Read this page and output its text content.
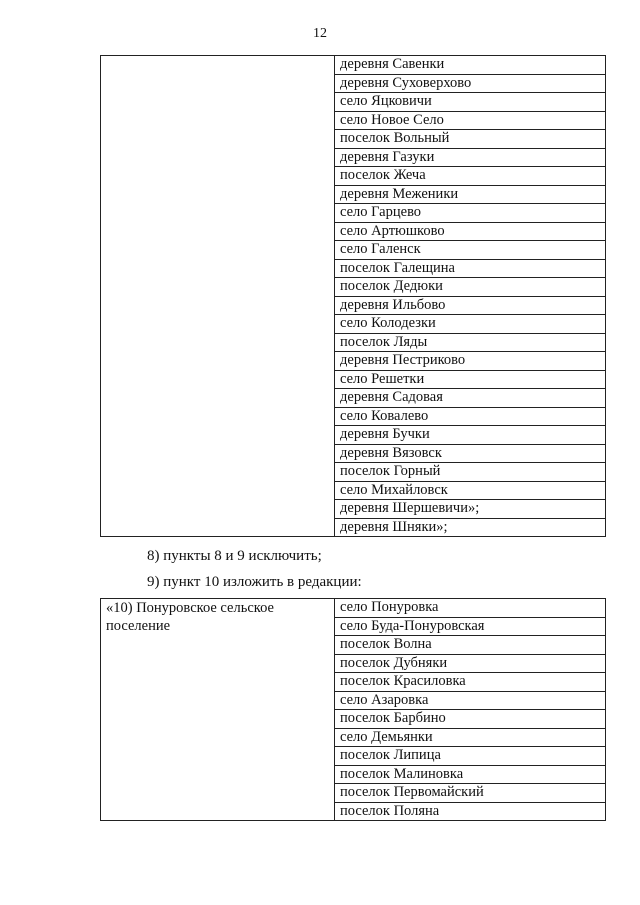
12
	деревня Савенки
деревня Суховерхово
село Яцковичи
село Новое Село
поселок Вольный
деревня Газуки
поселок Жеча
деревня Меженики
село Гарцево
село Артюшково
село Галенск
поселок Галещина
поселок Дедюки
деревня Ильбово
село Колодезки
поселок Ляды
деревня Пестриково
село Решетки
деревня Садовая
село Ковалево
деревня Бучки
деревня Вязовск
поселок Горный
село Михайловск
деревня Шершевичи»;
деревня Шняки»;
8) пункты 8 и 9 исключить;
9) пункт 10 изложить в редакции:
«10) Понуровское сельское поселение	село Понуровка
село Буда-Понуровская
поселок Волна
поселок Дубняки
поселок Красиловка
село Азаровка
поселок Барбино
село Демьянки
поселок Липица
поселок Малиновка
поселок Первомайский
поселок Поляна
